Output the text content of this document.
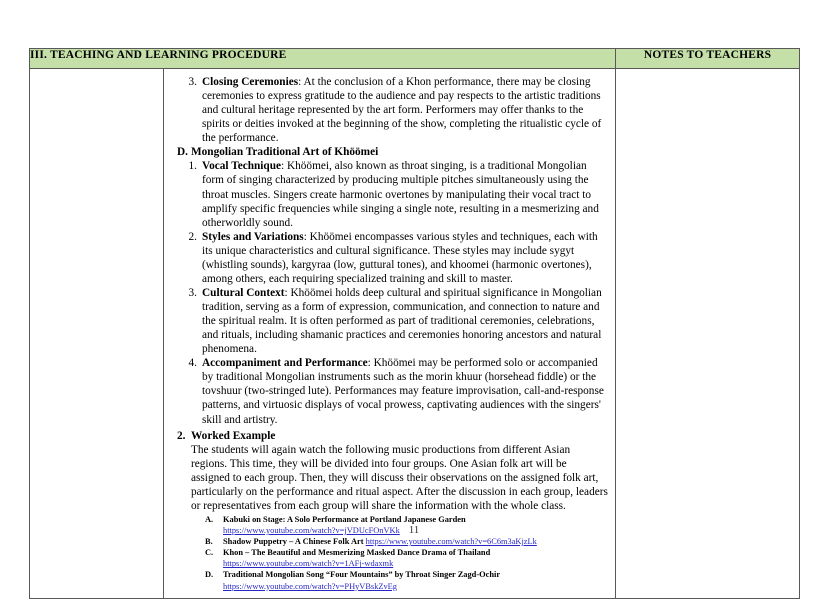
III. TEACHING AND LEARNING PROCEDURE		NOTES TO TEACHERS

3. Closing Ceremonies: At the conclusion of a Khon performance, there may be closing ceremonies to express gratitude to the audience and pay respects to the artistic traditions and cultural heritage represented by the art form. Performers may offer thanks to the spirits or deities invoked at the beginning of the show, completing the ritualistic cycle of the performance.
D. Mongolian Traditional Art of Khöömei
1. Vocal Technique: Khöömei, also known as throat singing, is a traditional Mongolian form of singing characterized by producing multiple pitches simultaneously using the throat muscles. Singers create harmonic overtones by manipulating their vocal tract to amplify specific frequencies while singing a single note, resulting in a mesmerizing and otherworldly sound.
2. Styles and Variations: Khöömei encompasses various styles and techniques, each with its unique characteristics and cultural significance. These styles may include sygyt (whistling sounds), kargyraa (low, guttural tones), and khoomei (harmonic overtones), among others, each requiring specialized training and skill to master.
3. Cultural Context: Khöömei holds deep cultural and spiritual significance in Mongolian tradition, serving as a form of expression, communication, and connection to nature and the spiritual realm. It is often performed as part of traditional ceremonies, celebrations, and rituals, including shamanic practices and ceremonies honoring ancestors and natural phenomena.
4. Accompaniment and Performance: Khöömei may be performed solo or accompanied by traditional Mongolian instruments such as the morin khuur (horsehead fiddle) or the tovshuur (two-stringed lute). Performances may feature improvisation, call-and-response patterns, and virtuosic displays of vocal prowess, captivating audiences with the singers' skill and artistry.
2. Worked Example
The students will again watch the following music productions from different Asian regions. This time, they will be divided into four groups. One Asian folk art will be assigned to each group. Then, they will discuss their observations on the assigned folk art, particularly on the performance and ritual aspect. After the discussion in each group, leaders or representatives from each group will share the information with the whole class.
A.	Kabuki on Stage: A Solo Performance at Portland Japanese Garden
https://www.youtube.com/watch?v=jVDUcFOnVKk
B.	Shadow Puppetry – A Chinese Folk Art https://www.youtube.com/watch?v=6C6m3aKjzLk
C.	Khon – The Beautiful and Mesmerizing Masked Dance Drama of Thailand
https://www.youtube.com/watch?v=1AFj-wdaxmk
D.	Traditional Mongolian Song “Four Mountains” by Throat Singer Zagd-Ochir
https://www.youtube.com/watch?v=PHyVBskZvEg

11
